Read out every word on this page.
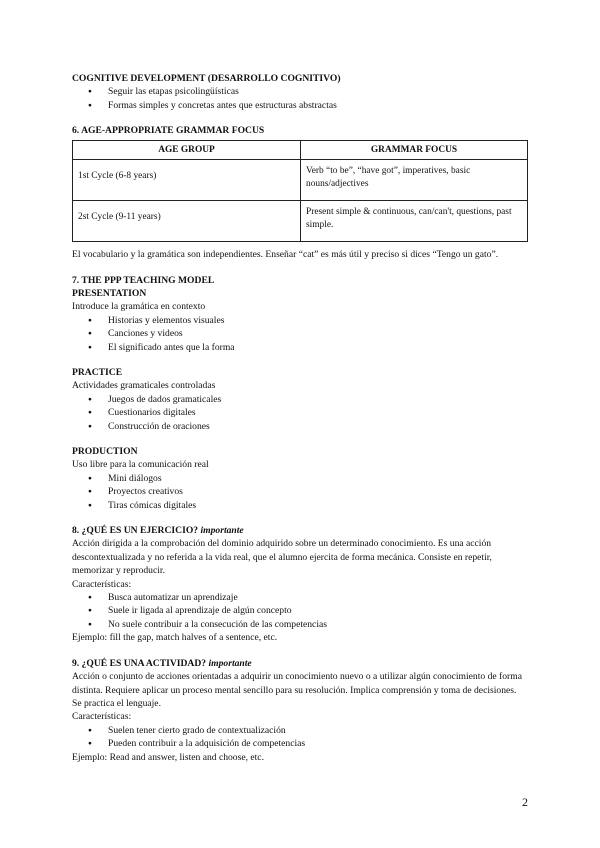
COGNITIVE DEVELOPMENT (DESARROLLO COGNITIVO)

● Seguir las etapas psicolingüísticas
● Formas simples y concretas antes que estructuras abstractas

6. AGE-APPROPRIATE GRAMMAR FOCUS

AGE GROUP	GRAMMAR FOCUS
1st Cycle (6-8 years)	Verb “to be”, “have got”, imperatives, basic nouns/adjectives
2st Cycle (9-11 years)	Present simple & continuous, can/can't, questions, past simple.

El vocabulario y la gramática son independientes. Enseñar “cat” es más útil y preciso si dices “Tengo un gato”.

7. THE PPP TEACHING MODEL

PRESENTATION

Introduce la gramática en contexto

● Historias y elementos visuales
● Canciones y videos
● El significado antes que la forma

PRACTICE

Actividades gramaticales controladas

● Juegos de dados gramaticales
● Cuestionarios digitales
● Construcción de oraciones

PRODUCTION

Uso libre para la comunicación real

● Mini diálogos
● Proyectos creativos
● Tiras cómicas digitales

8. ¿QUÉ ES UN EJERCICIO? importante

Acción dirigida a la comprobación del dominio adquirido sobre un determinado conocimiento. Es una acción descontextualizada y no referida a la vida real, que el alumno ejercita de forma mecánica. Consiste en repetir, memorizar y reproducir.

Características:

● Busca automatizar un aprendizaje
● Suele ir ligada al aprendizaje de algún concepto
● No suele contribuir a la consecución de las competencias

Ejemplo: fill the gap, match halves of a sentence, etc.

9. ¿QUÉ ES UNA ACTIVIDAD? importante

Acción o conjunto de acciones orientadas a adquirir un conocimiento nuevo o a utilizar algún conocimiento de forma distinta. Requiere aplicar un proceso mental sencillo para su resolución. Implica comprensión y toma de decisiones. Se practica el lenguaje.

Características:

● Suelen tener cierto grado de contextualización
● Pueden contribuir a la adquisición de competencias

Ejemplo: Read and answer, listen and choose, etc.

2
